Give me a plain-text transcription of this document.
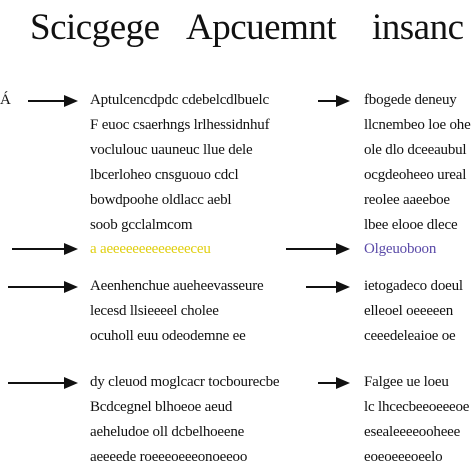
Scicgege Apcuemnt insanc
Á
	Aptulcencdpdc cdebelcdlbuelc
F euoc csaerhngs lrlhessidnhuf
voclulouc uauneuc llue dele
lbcerloheo cnsguouo cdcl
bowdpoohe oldlacc aebl
soob gcclalmcom
fbogede deneuy
llcnembeo loe ohe
ole dlo dceeaubul
ocgdeoheeo ureal
reolee aaeeboe
lbee elooe dlece
a aeeeeeeeeeeeeeceu	Olgeuoboon

Aeenhenchue aueheevasseure
lecesd llsieeeel cholee
ocuholl euu odeodemne ee
ietogadeco doeul
elleoel oeeeeen
ceeedeleaioe oe

dy cleuod moglcacr tocbourecbe
Bcdcegnel blhoeoe aeud
aeheludoe oll dcbelhoeene
aeeeede roeeeoeeeonoeeoo
Falgee ue loeu
lc lhcecbeeoeeeoe
esealeeeeooheee
eoeoeeeoeelo
